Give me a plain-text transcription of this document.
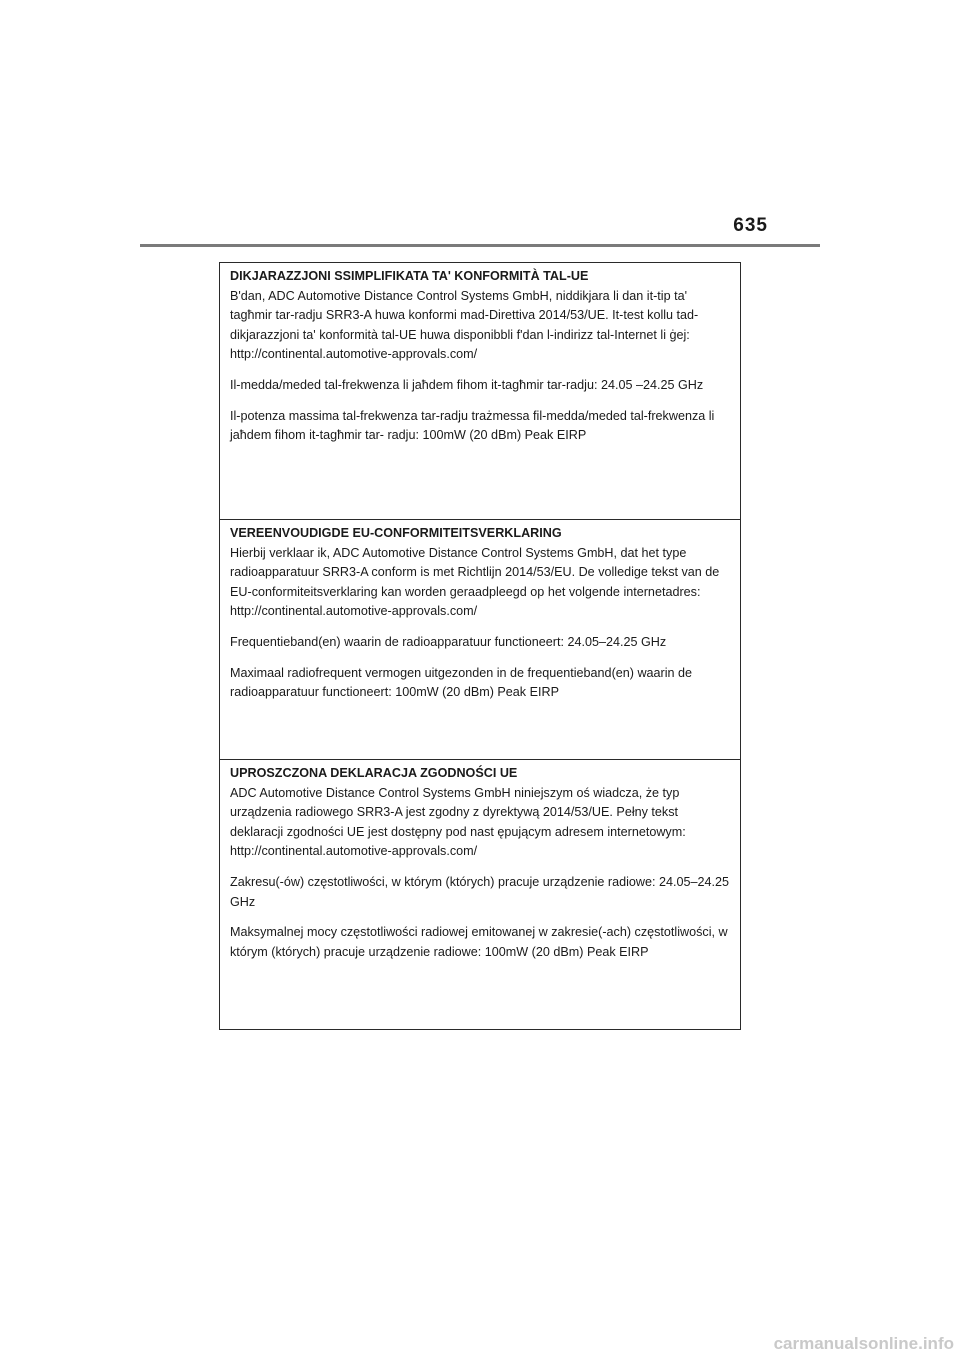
635

DIKJARAZZJONI SSIMPLIFIKATA TA' KONFORMITÀ TAL-UE

B'dan, ADC Automotive Distance Control Systems GmbH, niddikjara li dan it-tip ta' tagħmir tar-radju SRR3-A huwa konformi mad-Direttiva 2014/53/UE. It-test kollu tad-dikjarazzjoni ta' konformità tal-UE huwa disponibbli f'dan l-indirizz tal-Internet li ġej:

http://continental.automotive-approvals.com/

Il-medda/meded tal-frekwenza li jaħdem fihom it-tagħmir tar-radju: 24.05 –24.25 GHz

Il-potenza massima tal-frekwenza tar-radju trażmessa fil-medda/meded tal-frekwenza li jaħdem fihom it-tagħmir tar- radju: 100mW (20 dBm) Peak EIRP

VEREENVOUDIGDE EU-CONFORMITEITSVERKLARING

Hierbij verklaar ik, ADC Automotive Distance Control Systems GmbH, dat het type radioapparatuur SRR3-A conform is met Richtlijn 2014/53/EU. De volledige tekst van de EU-conformiteitsverklaring kan worden geraadpleegd op het volgende internetadres:

http://continental.automotive-approvals.com/

Frequentieband(en) waarin de radioapparatuur functioneert: 24.05–24.25 GHz

Maximaal radiofrequent vermogen uitgezonden in de frequentieband(en) waarin de radioapparatuur functioneert: 100mW (20 dBm) Peak EIRP

UPROSZCZONA DEKLARACJA ZGODNOŚCI UE

ADC Automotive Distance Control Systems GmbH niniejszym oś wiadcza, że typ urządzenia radiowego SRR3-A jest zgodny z dyrektywą 2014/53/UE. Pełny tekst deklaracji zgodności UE jest dostępny pod nast ępującym adresem internetowym:

http://continental.automotive-approvals.com/

Zakresu(-ów) częstotliwości, w którym (których) pracuje urządzenie radiowe: 24.05–24.25 GHz

Maksymalnej mocy częstotliwości radiowej emitowanej w zakresie(-ach) częstotliwości, w którym (których) pracuje urządzenie radiowe: 100mW (20 dBm) Peak EIRP

carmanualsonline.info
